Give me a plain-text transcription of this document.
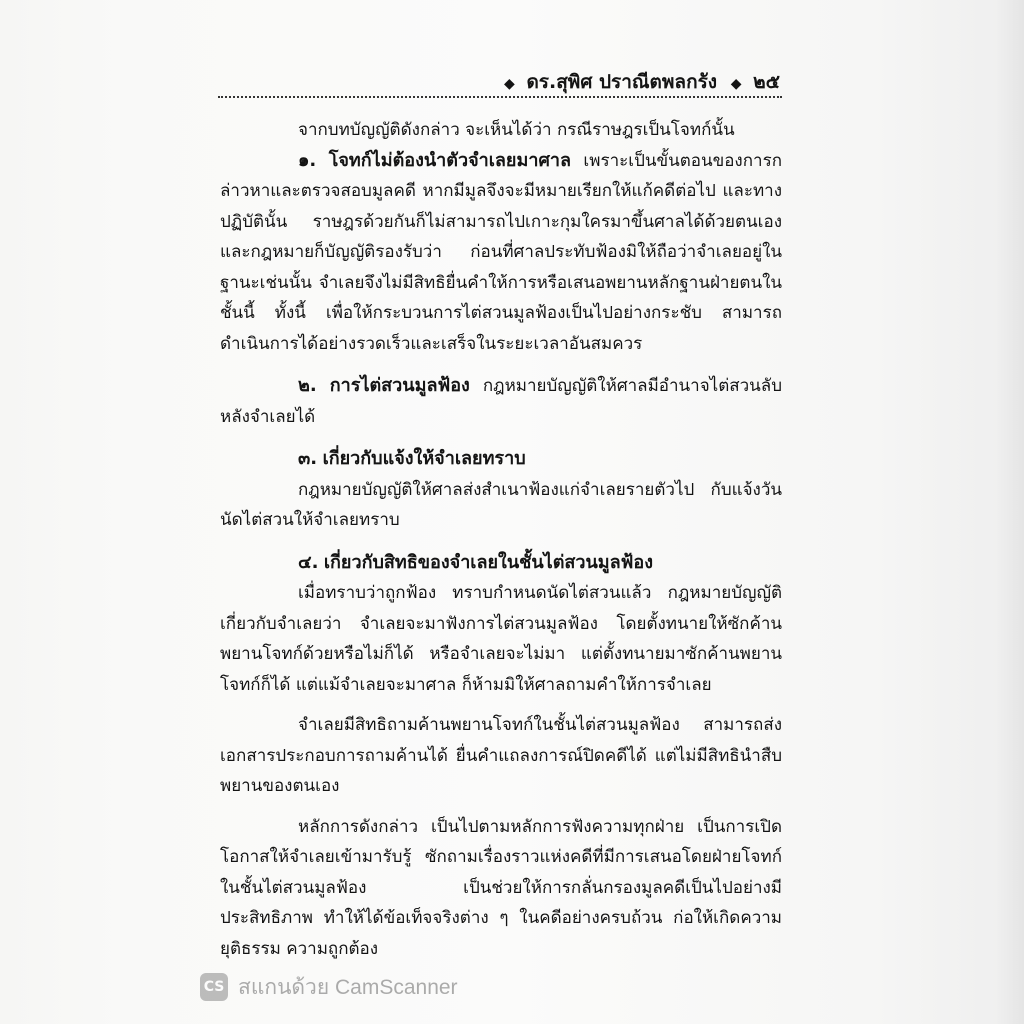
◆ ดร.สุพิศ ปราณีตพลกรัง ◆ ๒๕

จากบทบัญญัติดังกล่าว จะเห็นได้ว่า กรณีราษฎรเป็นโจทก์นั้น

๑. โจทก์ไม่ต้องนำตัวจำเลยมาศาล เพราะเป็นขั้นตอนของการกล่าวหาและตรวจสอบมูลคดี หากมีมูลจึงจะมีหมายเรียกให้แก้คดีต่อไป และทางปฏิบัตินั้น ราษฎรด้วยกันก็ไม่สามารถไปเกาะกุมใครมาขึ้นศาลได้ด้วยตนเอง และกฎหมายก็บัญญัติรองรับว่า ก่อนที่ศาลประทับฟ้องมิให้ถือว่าจำเลยอยู่ในฐานะเช่นนั้น จำเลยจึงไม่มีสิทธิยื่นคำให้การหรือเสนอพยานหลักฐานฝ่ายตนในชั้นนี้ ทั้งนี้ เพื่อให้กระบวนการไต่สวนมูลฟ้องเป็นไปอย่างกระชับ สามารถดำเนินการได้อย่างรวดเร็วและเสร็จในระยะเวลาอันสมควร

๒. การไต่สวนมูลฟ้อง กฎหมายบัญญัติให้ศาลมีอำนาจไต่สวนลับหลังจำเลยได้

๓. เกี่ยวกับแจ้งให้จำเลยทราบ

กฎหมายบัญญัติให้ศาลส่งสำเนาฟ้องแก่จำเลยรายตัวไป กับแจ้งวันนัดไต่สวนให้จำเลยทราบ

๔. เกี่ยวกับสิทธิของจำเลยในชั้นไต่สวนมูลฟ้อง

เมื่อทราบว่าถูกฟ้อง ทราบกำหนดนัดไต่สวนแล้ว กฎหมายบัญญัติเกี่ยวกับจำเลยว่า จำเลยจะมาฟังการไต่สวนมูลฟ้อง โดยตั้งทนายให้ซักค้านพยานโจทก์ด้วยหรือไม่ก็ได้ หรือจำเลยจะไม่มา แต่ตั้งทนายมาซักค้านพยานโจทก์ก็ได้ แต่แม้จำเลยจะมาศาล ก็ห้ามมิให้ศาลถามคำให้การจำเลย

จำเลยมีสิทธิถามค้านพยานโจทก์ในชั้นไต่สวนมูลฟ้อง สามารถส่งเอกสารประกอบการถามค้านได้ ยื่นคำแถลงการณ์ปิดคดีได้ แต่ไม่มีสิทธินำสืบพยานของตนเอง

หลักการดังกล่าว เป็นไปตามหลักการฟังความทุกฝ่าย เป็นการเปิดโอกาสให้จำเลยเข้ามารับรู้ ซักถามเรื่องราวแห่งคดีที่มีการเสนอโดยฝ่ายโจทก์ในชั้นไต่สวนมูลฟ้อง เป็นช่วยให้การกลั่นกรองมูลคดีเป็นไปอย่างมีประสิทธิภาพ ทำให้ได้ข้อเท็จจริงต่าง ๆ ในคดีอย่างครบถ้วน ก่อให้เกิดความยุติธรรม ความถูกต้อง

CS สแกนด้วย CamScanner
